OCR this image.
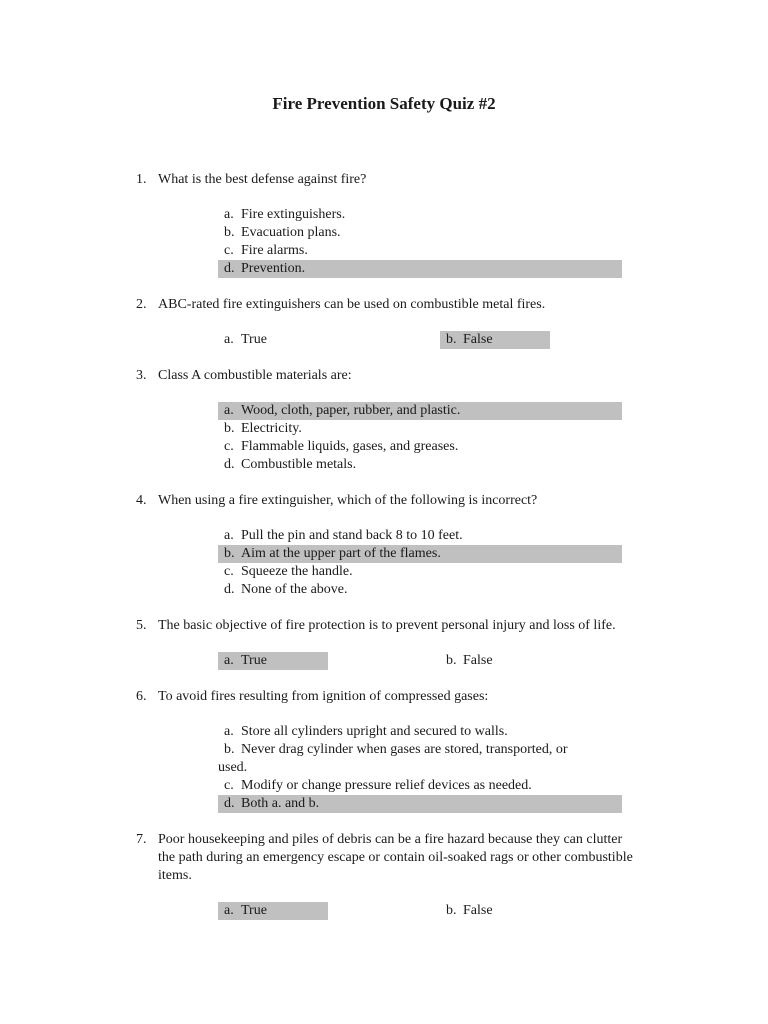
Fire Prevention Safety Quiz #2
1. What is the best defense against fire?
a. Fire extinguishers.
b. Evacuation plans.
c. Fire alarms.
d. Prevention.
2. ABC-rated fire extinguishers can be used on combustible metal fires.
a. True	b. False
3. Class A combustible materials are:
a. Wood, cloth, paper, rubber, and plastic.
b. Electricity.
c. Flammable liquids, gases, and greases.
d. Combustible metals.
4. When using a fire extinguisher, which of the following is incorrect?
a. Pull the pin and stand back 8 to 10 feet.
b. Aim at the upper part of the flames.
c. Squeeze the handle.
d. None of the above.
5. The basic objective of fire protection is to prevent personal injury and loss of life.
a. True	b. False
6. To avoid fires resulting from ignition of compressed gases:
a. Store all cylinders upright and secured to walls.
b. Never drag cylinder when gases are stored, transported, or used.
c. Modify or change pressure relief devices as needed.
d. Both a. and b.
7. Poor housekeeping and piles of debris can be a fire hazard because they can clutter the path during an emergency escape or contain oil-soaked rags or other combustible items.
a. True	b. False
